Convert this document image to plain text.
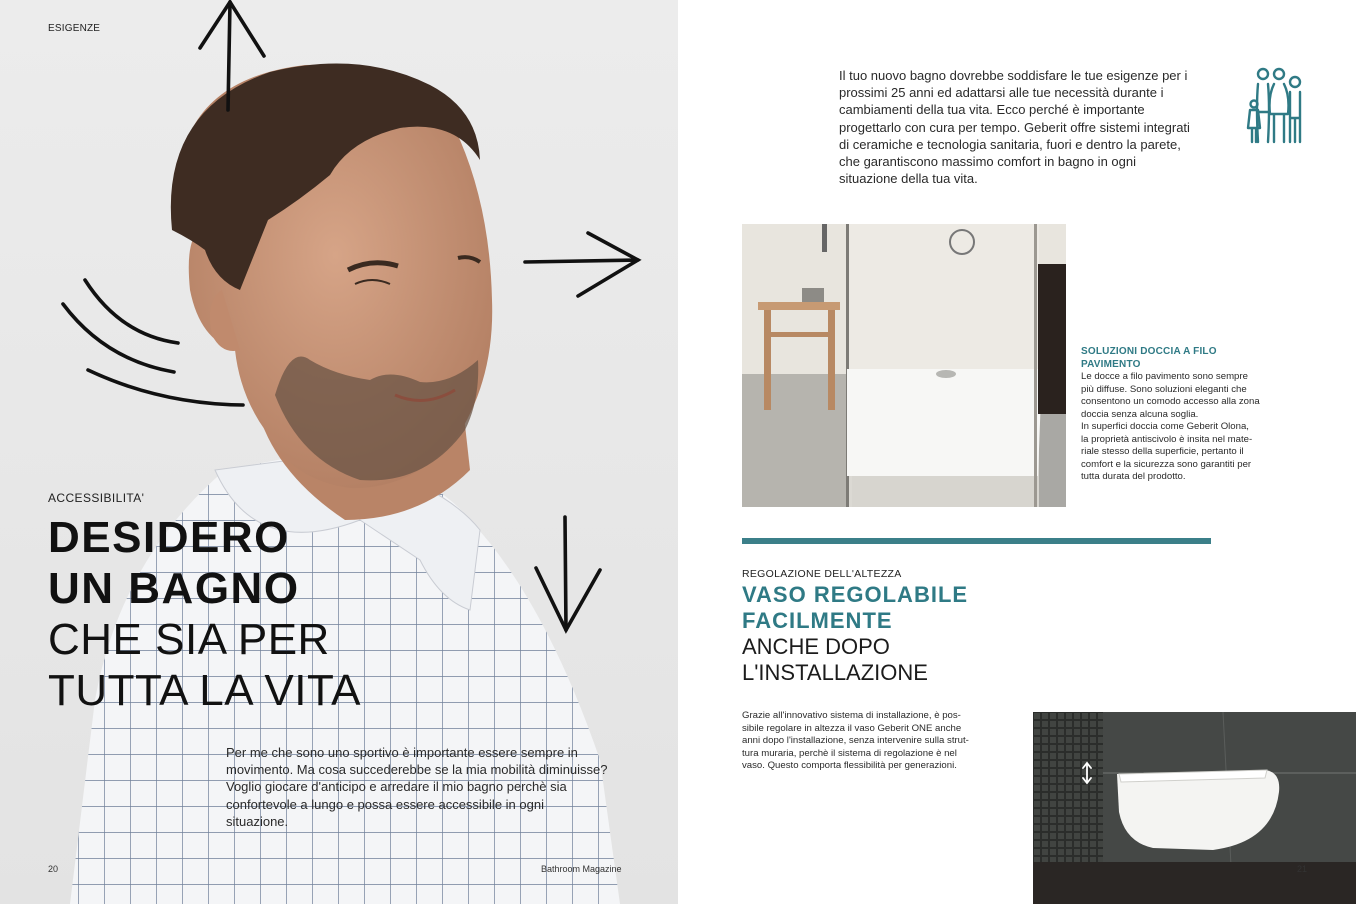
ESIGENZE
ACCESSIBILITA'
DESIDERO
UN BAGNO
CHE SIA PER
TUTTA LA VITA
Per me che sono uno sportivo è importante essere sempre in
movimento. Ma cosa succederebbe se la mia mobilità diminuisse?
Voglio giocare d'anticipo e arredare il mio bagno perchè sia
confortevole a lungo e possa essere accessibile in ogni
situazione.
20	Bathroom Magazine
Il tuo nuovo bagno dovrebbe soddisfare le tue esigenze per i
prossimi 25 anni ed adattarsi alle tue necessità durante i
cambiamenti della tua vita. Ecco perché è importante
progettarlo con cura per tempo. Geberit offre sistemi integrati
di ceramiche e tecnologia sanitaria, fuori e dentro la parete,
che garantiscono massimo comfort in bagno in ogni
situazione della tua vita.
SOLUZIONI DOCCIA A FILO
PAVIMENTO
Le docce a filo pavimento sono sempre
più diffuse. Sono soluzioni eleganti che
consentono un comodo accesso alla zona
doccia senza alcuna soglia.
In superfici doccia come Geberit Olona,
la proprietà antiscivolo è insita nel mate-
riale stesso della superficie, pertanto il
comfort e la sicurezza sono garantiti per
tutta durata del prodotto.
REGOLAZIONE DELL'ALTEZZA
VASO REGOLABILE
FACILMENTE
ANCHE DOPO
L'INSTALLAZIONE
Grazie all'innovativo sistema di installazione, è pos-
sibile regolare in altezza il vaso Geberit ONE anche
anni dopo l'installazione, senza intervenire sulla strut-
tura muraria, perchè il sistema di regolazione è nel
vaso. Questo comporta flessibilità per generazioni.
21
